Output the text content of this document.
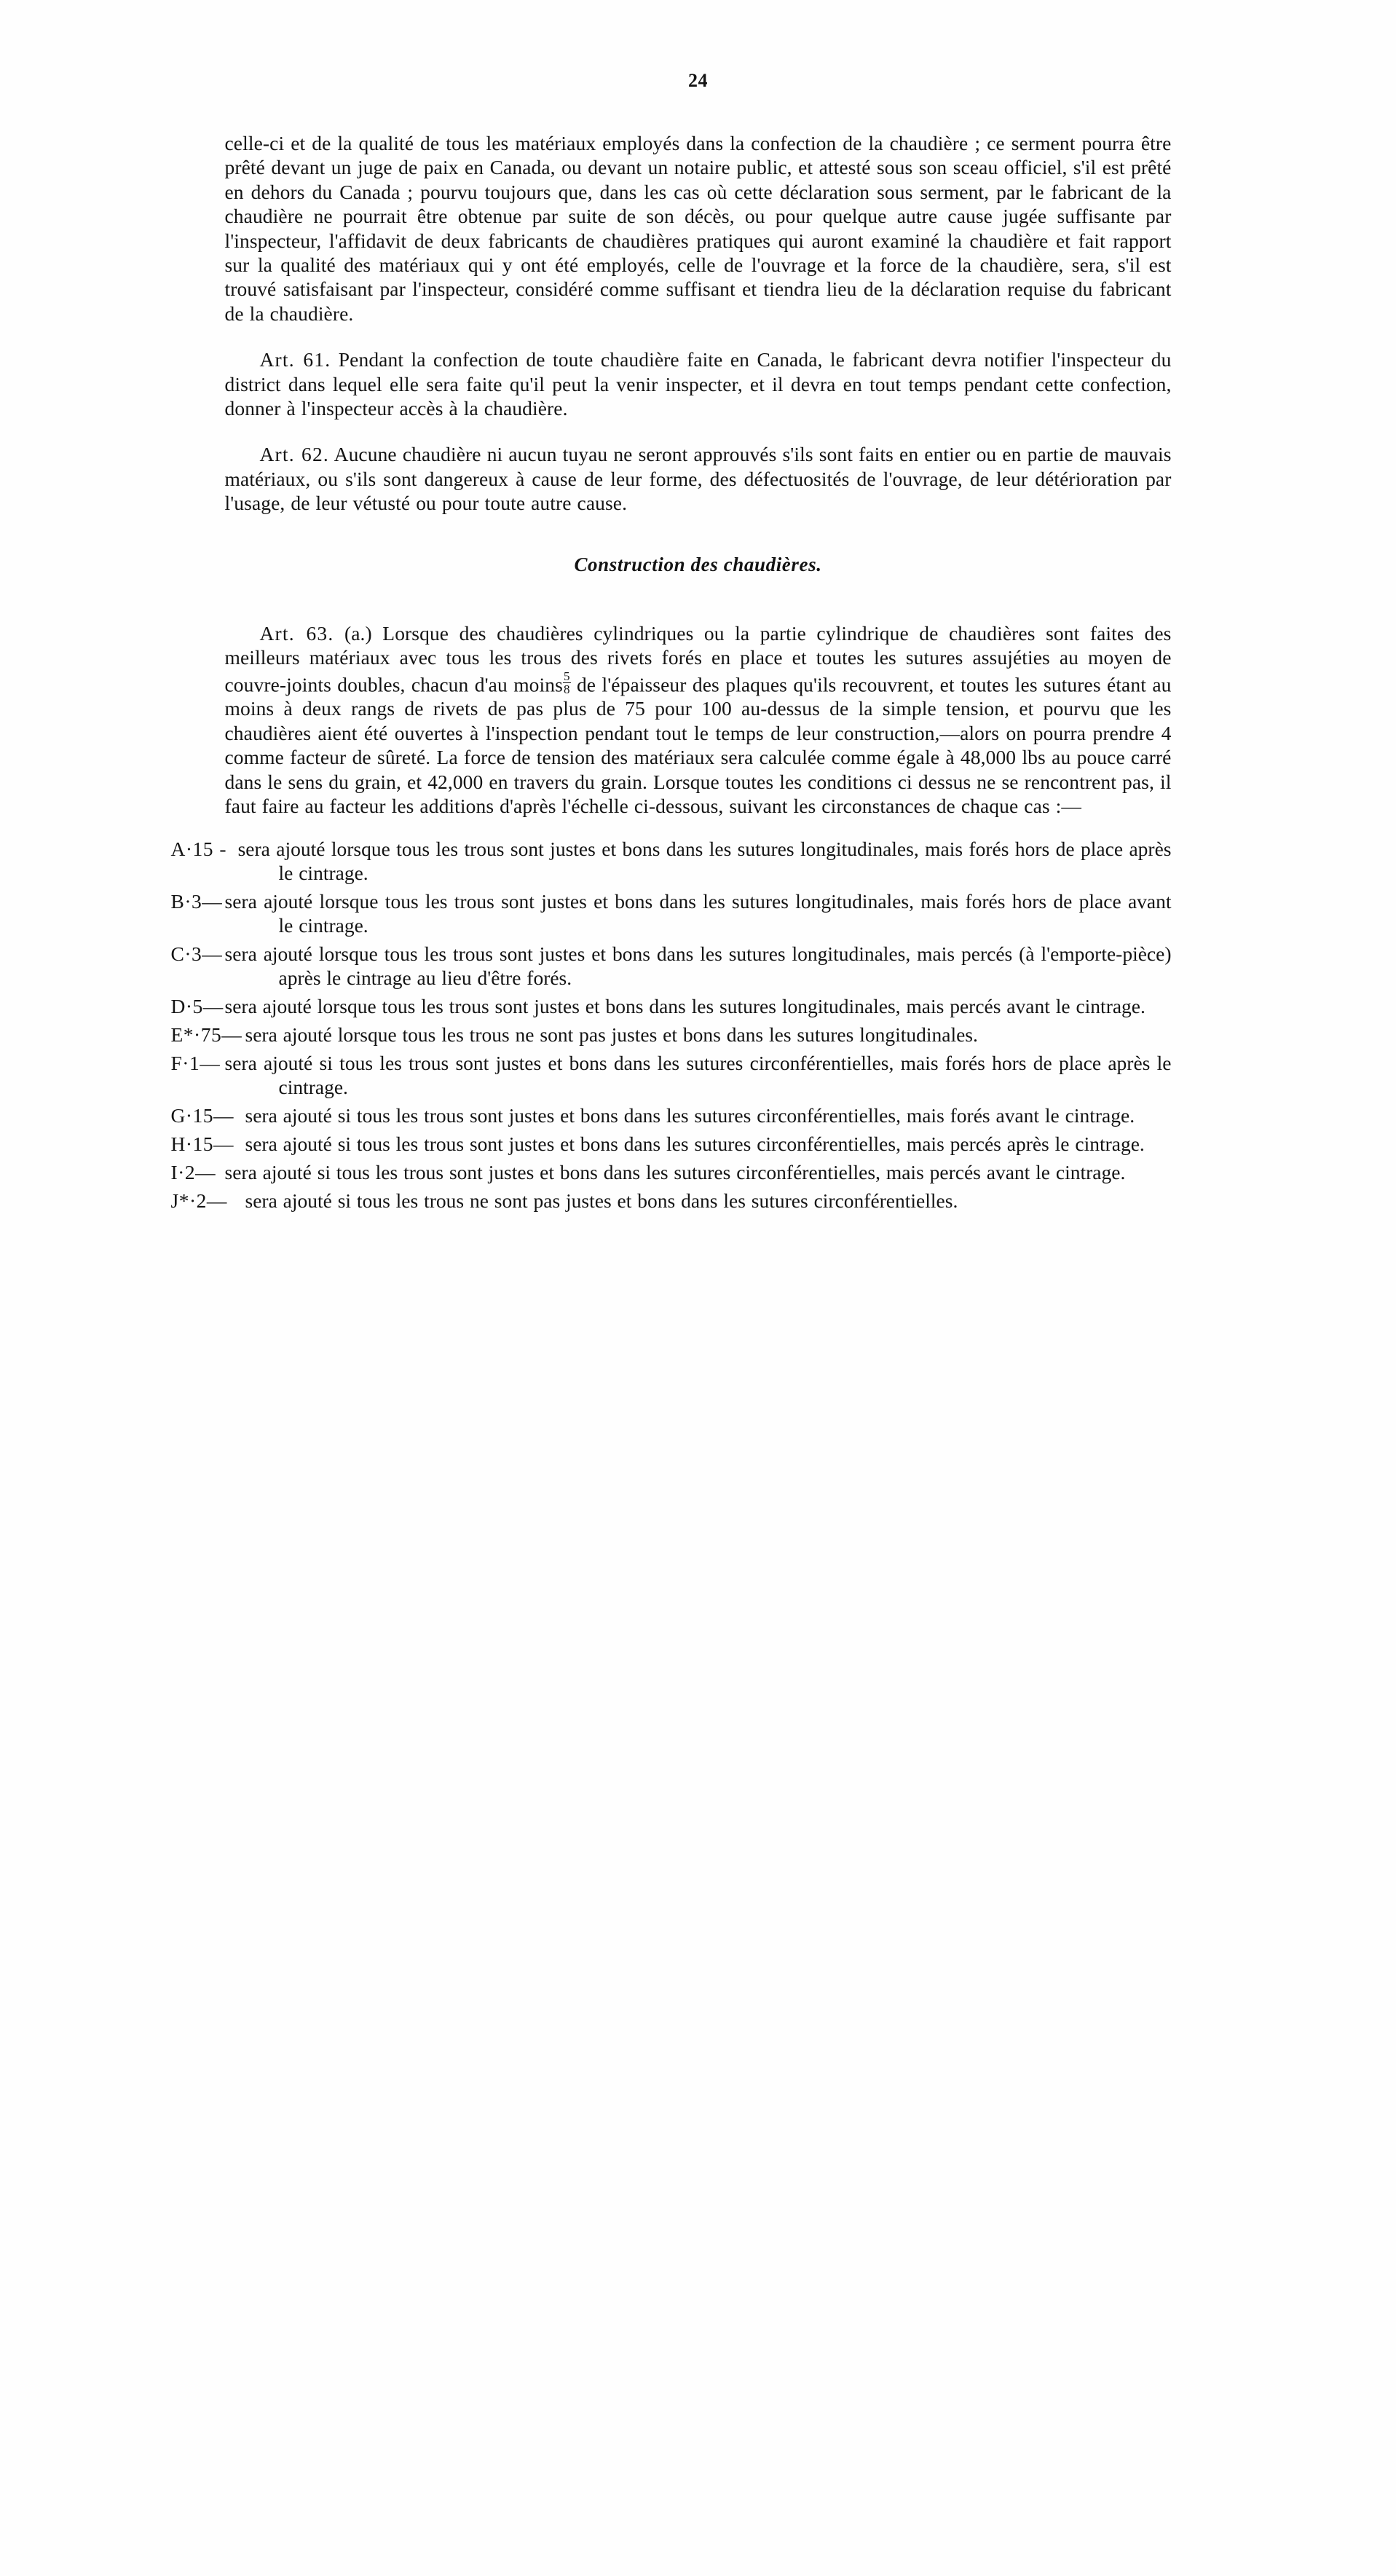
24

celle-ci et de la qualité de tous les matériaux employés dans la confection de la chaudière ; ce serment pourra être prêté devant un juge de paix en Canada, ou devant un notaire public, et attesté sous son sceau officiel, s'il est prêté en dehors du Canada ; pourvu toujours que, dans les cas où cette déclaration sous serment, par le fabricant de la chaudière ne pourrait être obtenue par suite de son décès, ou pour quelque autre cause jugée suffisante par l'inspecteur, l'affidavit de deux fabricants de chaudières pratiques qui auront examiné la chaudière et fait rapport sur la qualité des matériaux qui y ont été employés, celle de l'ouvrage et la force de la chaudière, sera, s'il est trouvé satisfaisant par l'inspecteur, considéré comme suffisant et tiendra lieu de la déclaration requise du fabricant de la chaudière.

Art. 61. Pendant la confection de toute chaudière faite en Canada, le fabricant devra notifier l'inspecteur du district dans lequel elle sera faite qu'il peut la venir inspecter, et il devra en tout temps pendant cette confection, donner à l'inspecteur accès à la chaudière.

Art. 62. Aucune chaudière ni aucun tuyau ne seront approuvés s'ils sont faits en entier ou en partie de mauvais matériaux, ou s'ils sont dangereux à cause de leur forme, des défectuosités de l'ouvrage, de leur détérioration par l'usage, de leur vétusté ou pour toute autre cause.

Construction des chaudières.

Art. 63. (a.) Lorsque des chaudières cylindriques ou la partie cylindrique de chaudières sont faites des meilleurs matériaux avec tous les trous des rivets forés en place et toutes les sutures assujéties au moyen de couvre-joints doubles, chacun d'au moins $\frac{5}{8}$ de l'épaisseur des plaques qu'ils recouvrent, et toutes les sutures étant au moins à deux rangs de rivets de pas plus de 75 pour 100 au-dessus de la simple tension, et pourvu que les chaudières aient été ouvertes à l'inspection pendant tout le temps de leur construction,—alors on pourra prendre 4 comme facteur de sûreté. La force de tension des matériaux sera calculée comme égale à 48,000 lbs au pouce carré dans le sens du grain, et 42,000 en travers du grain. Lorsque toutes les conditions ci dessus ne se rencontrent pas, il faut faire au facteur les additions d'après l'échelle ci-dessous, suivant les circonstances de chaque cas :—

A·15 - sera ajouté lorsque tous les trous sont justes et bons dans les sutures longitudinales, mais forés hors de place après le cintrage.
B·3— sera ajouté lorsque tous les trous sont justes et bons dans les sutures longitudinales, mais forés hors de place avant le cintrage.
C·3— sera ajouté lorsque tous les trous sont justes et bons dans les sutures longitudinales, mais percés (à l'emporte-pièce) après le cintrage au lieu d'être forés.
D·5—sera ajouté lorsque tous les trous sont justes et bons dans les sutures longitudinales, mais percés avant le cintrage.
E*·75— sera ajouté lorsque tous les trous ne sont pas justes et bons dans les sutures longitudinales.
F·1— sera ajouté si tous les trous sont justes et bons dans les sutures circonférentielles, mais forés hors de place après le cintrage.
G·15— sera ajouté si tous les trous sont justes et bons dans les sutures circonférentielles, mais forés avant le cintrage.
H·15— sera ajouté si tous les trous sont justes et bons dans les sutures circonférentielles, mais percés après le cintrage.
I·2— sera ajouté si tous les trous sont justes et bons dans les sutures circonférentielles, mais percés avant le cintrage.
J*·2— sera ajouté si tous les trous ne sont pas justes et bons dans les sutures circonférentielles.
